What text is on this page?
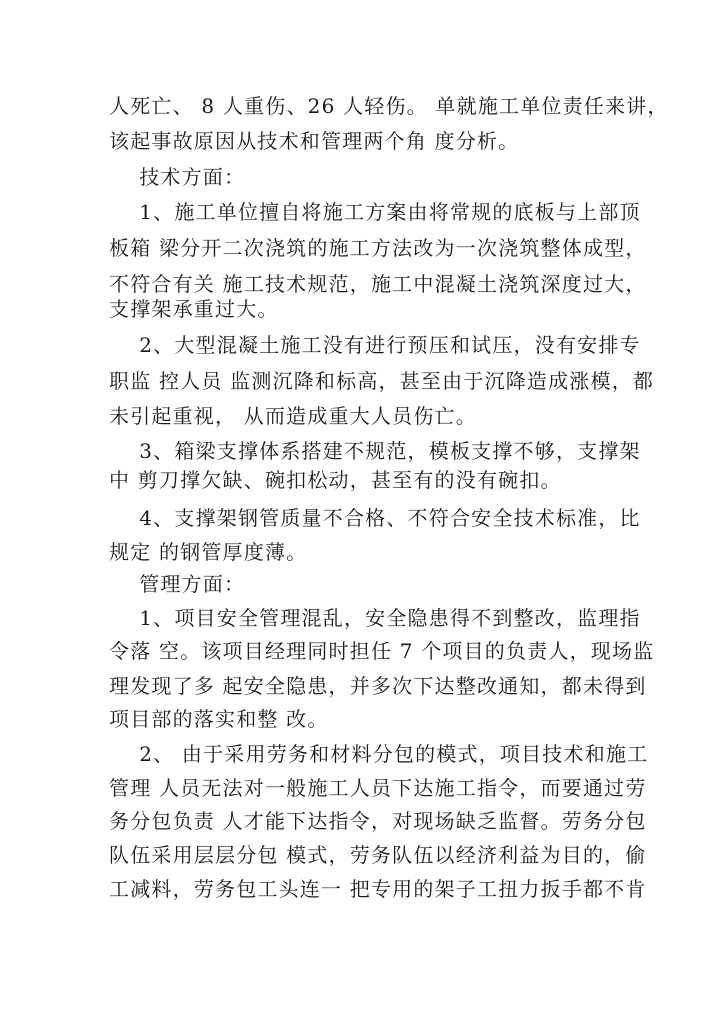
人死亡、 8 人重伤、26 人轻伤。 单就施工单位责任来讲，
该起事故原因从技术和管理两个角 度分析。
技术方面：
1、施工单位擅自将施工方案由将常规的底板与上部顶
板箱 梁分开二次浇筑的施工方法改为一次浇筑整体成型，
不符合有关 施工技术规范，施工中混凝土浇筑深度过大，
支撑架承重过大。
2、大型混凝土施工没有进行预压和试压，没有安排专
职监 控人员 监测沉降和标高，甚至由于沉降造成涨模，都
未引起重视， 从而造成重大人员伤亡。
3、箱梁支撑体系搭建不规范，模板支撑不够，支撑架
中 剪刀撑欠缺、碗扣松动，甚至有的没有碗扣。
4、支撑架钢管质量不合格、不符合安全技术标准，比
规定 的钢管厚度薄。
管理方面：
1、项目安全管理混乱，安全隐患得不到整改，监理指
令落 空。该项目经理同时担任 7 个项目的负责人，现场监
理发现了多 起安全隐患，并多次下达整改通知，都未得到
项目部的落实和整 改。
2、 由于采用劳务和材料分包的模式，项目技术和施工
管理 人员无法对一般施工人员下达施工指令，而要通过劳
务分包负责 人才能下达指令，对现场缺乏监督。劳务分包
队伍采用层层分包 模式，劳务队伍以经济利益为目的，偷
工减料，劳务包工头连一 把专用的架子工扭力扳手都不肯
